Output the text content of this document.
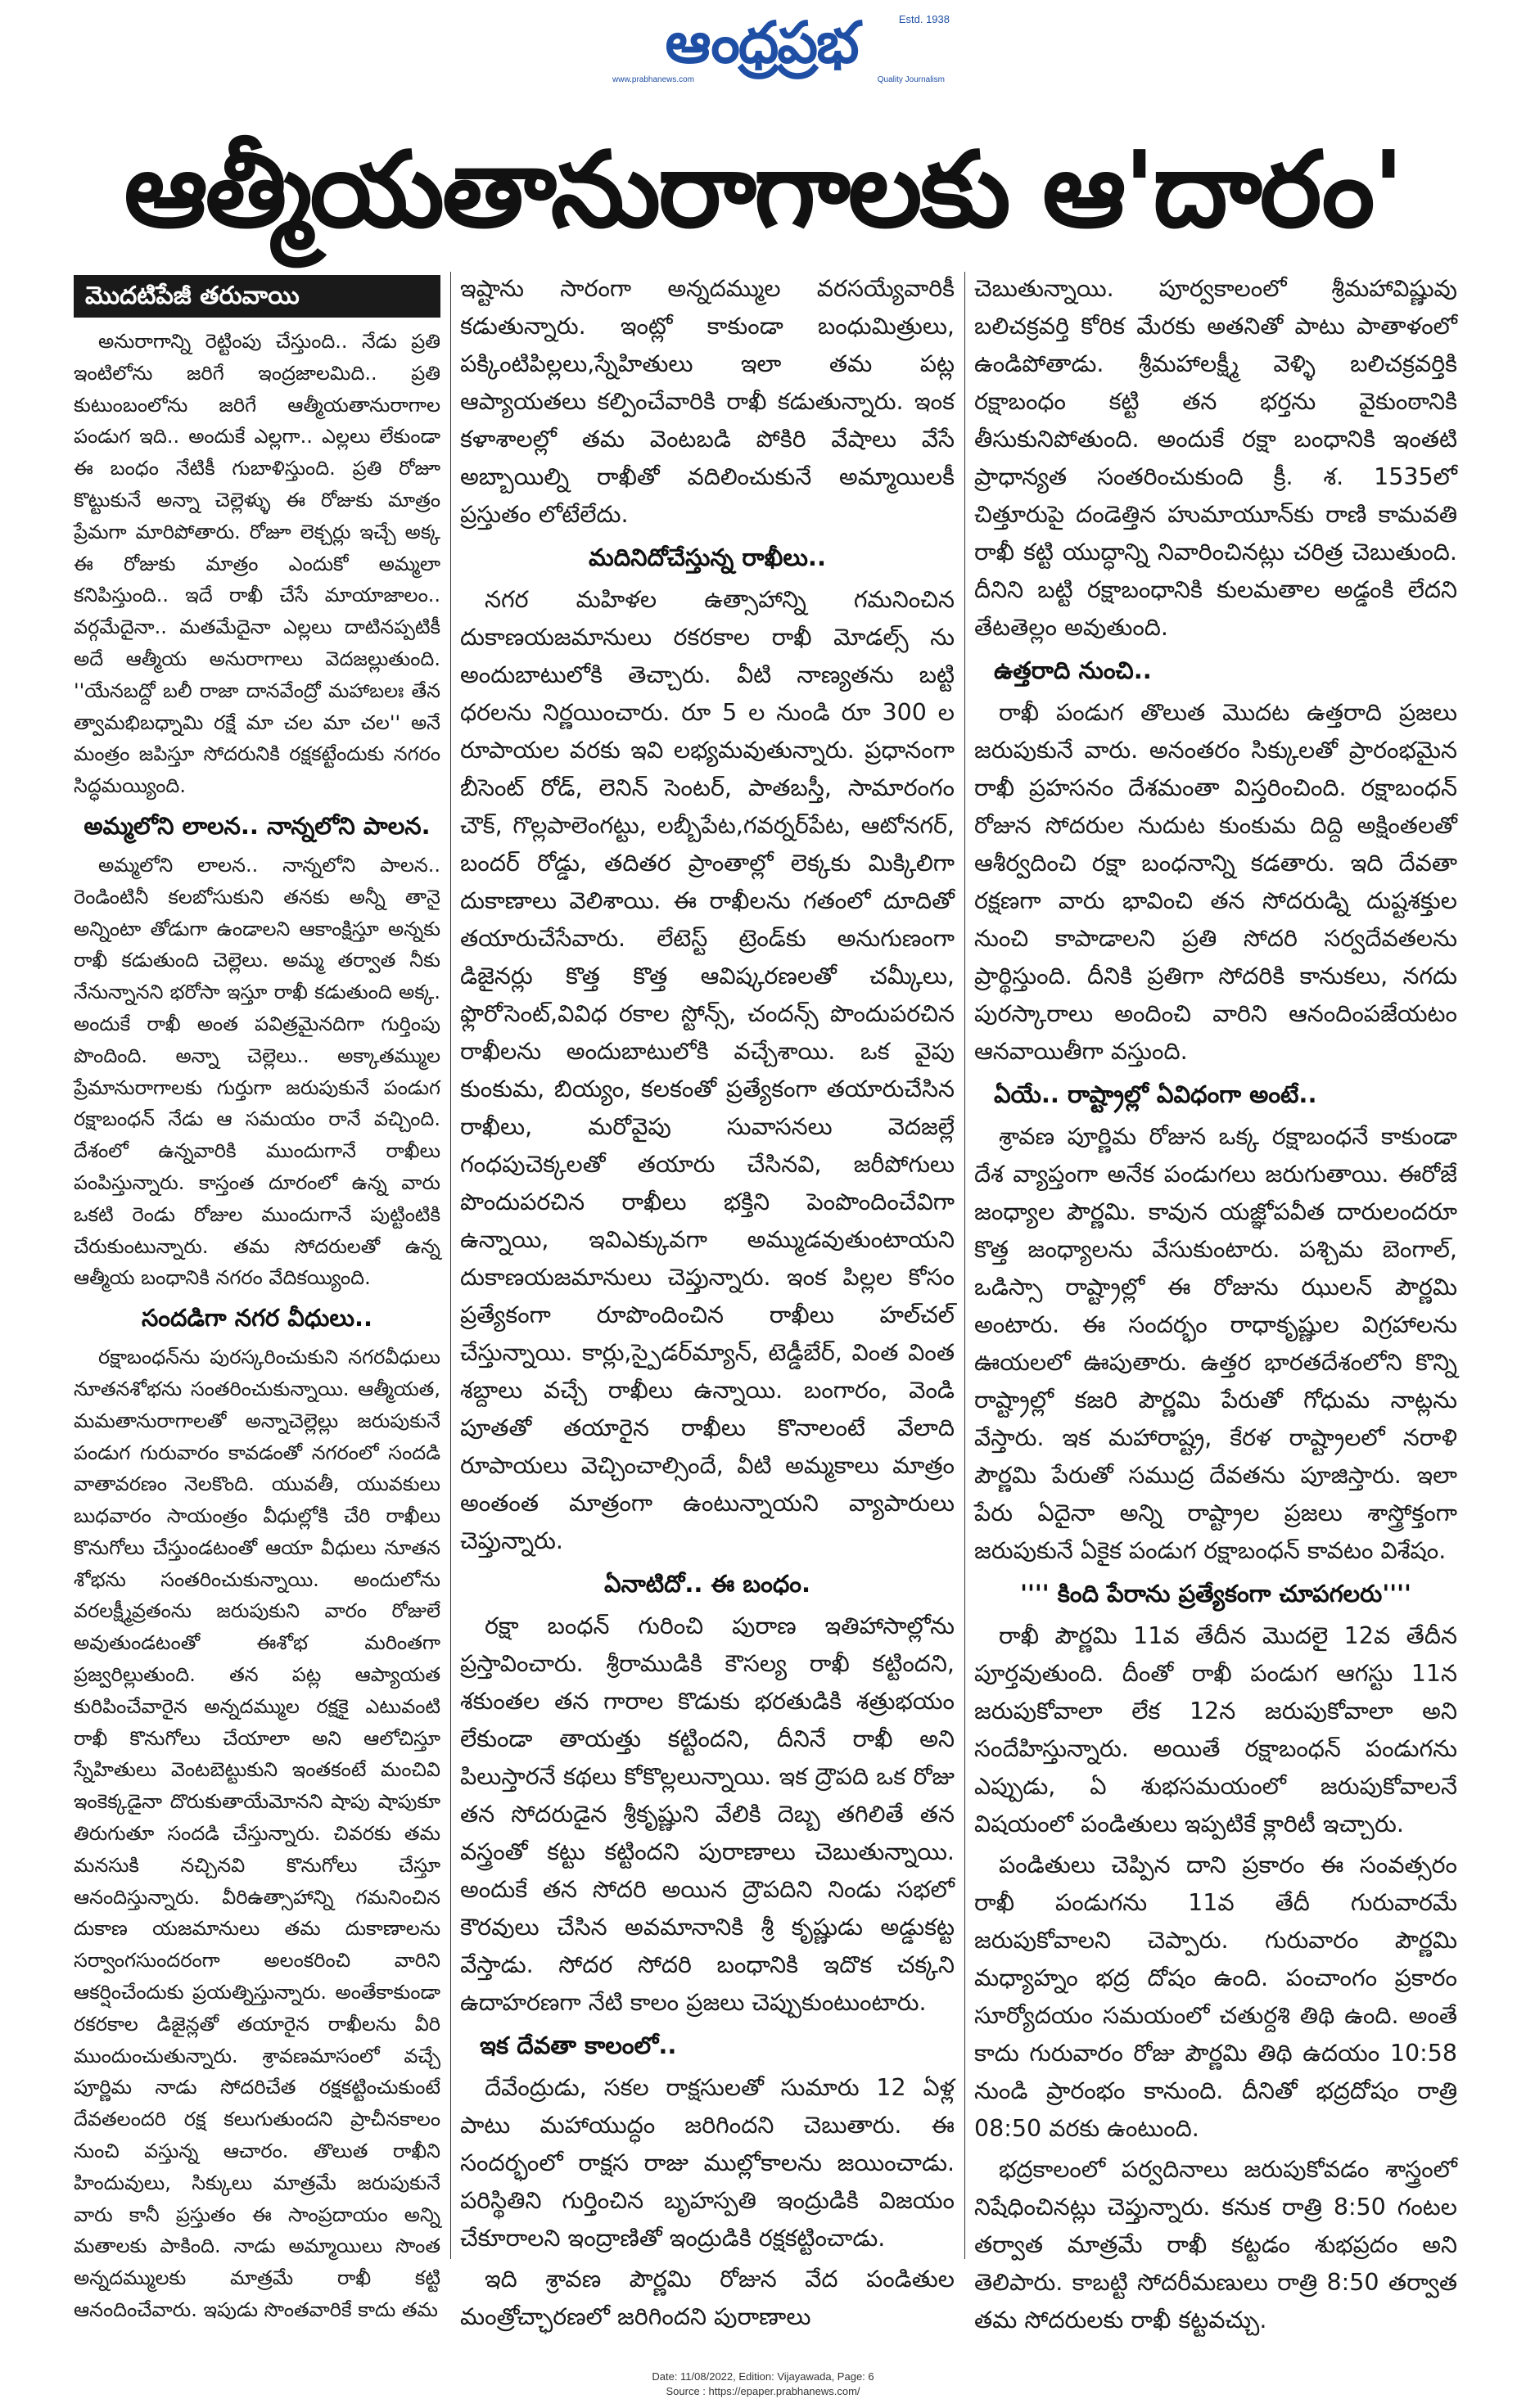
ఆంధ్రప్రభ	Estd. 1938
www.prabhanews.com	Quality Journalism
ఆత్మీయతానురాగాలకు ఆ'దారం'
మొదటిపేజీ తరువాయి

అనురాగాన్ని రెట్టింపు చేస్తుంది.. నేడు ప్రతి ఇంటిలోను జరిగే ఇంద్రజాలమిది.. ప్రతి కుటుంబంలోను జరిగే ఆత్మీయతానురాగాల పండుగ ఇది.. అందుకే ఎల్లగా.. ఎల్లలు లేకుండా ఈ బంధం నేటికీ గుబాళిస్తుంది. ప్రతి రోజూ కొట్టుకునే అన్నా చెల్లెళ్ళు ఈ రోజుకు మాత్రం ప్రేమగా మారిపోతారు. రోజూ లెక్చర్లు ఇచ్చే అక్క ఈ రోజుకు మాత్రం ఎందుకో అమ్మలా కనిపిస్తుంది.. ఇదే రాఖీ చేసే మాయాజాలం.. వర్గమేదైనా.. మతమేదైనా ఎల్లలు దాటినప్పటికీ అదే ఆత్మీయ అనురాగాలు వెదజల్లుతుంది. ''యేనబద్దో బలీ రాజా దానవేంద్రో మహాబలః తేన త్వామభిబధ్నామి రక్షే మా చల మా చల'' అనే మంత్రం జపిస్తూ సోదరునికి రక్షకట్టేందుకు నగరం సిద్ధమయ్యింది.

అమ్మలోని లాలన.. నాన్నలోని పాలన.

అమ్మలోని లాలన.. నాన్నలోని పాలన.. రెండింటినీ కలబోసుకుని తనకు అన్నీ తానై అన్నింటా తోడుగా ఉండాలని ఆకాంక్షిస్తూ అన్నకు రాఖీ కడుతుంది చెల్లెలు. అమ్మ తర్వాత నీకు నేనున్నానని భరోసా ఇస్తూ రాఖీ కడుతుంది అక్క. అందుకే రాఖీ అంత పవిత్రమైనదిగా గుర్తింపు పొందింది. అన్నా చెల్లెలు.. అక్కాతమ్ముల ప్రేమానురాగాలకు గుర్తుగా జరుపుకునే పండుగ రక్షాబంధన్ నేడు ఆ సమయం రానే వచ్చింది. దేశంలో ఉన్నవారికి ముందుగానే రాఖీలు పంపిస్తున్నారు. కాస్తంత దూరంలో ఉన్న వారు ఒకటి రెండు రోజుల ముందుగానే పుట్టింటికి చేరుకుంటున్నారు. తమ సోదరులతో ఉన్న ఆత్మీయ బంధానికి నగరం వేదికయ్యింది.

సందడిగా నగర వీధులు..

రక్షాబంధన్‌ను పురస్కరించుకుని నగరవీధులు నూతనశోభను సంతరించుకున్నాయి. ఆత్మీయత, మమతానురాగాలతో అన్నాచెల్లెల్లు జరుపుకునే పండుగ గురువారం కావడంతో నగరంలో సందడి వాతావరణం నెలకొంది. యువతీ, యువకులు బుధవారం సాయంత్రం వీధుల్లోకి చేరి రాఖీలు కొనుగోలు చేస్తుండటంతో ఆయా వీధులు నూతన శోభను సంతరించుకున్నాయి. అందులోను వరలక్ష్మీవ్రతంను జరుపుకుని వారం రోజులే అవుతుండటంతో ఈశోభ మరింతగా ప్రజ్వరిల్లుతుంది. తన పట్ల ఆప్యాయత కురిపించేవారైన అన్నదమ్ముల రక్షకై ఎటువంటి రాఖీ కొనుగోలు చేయాలా అని ఆలోచిస్తూ స్నేహితులు వెంటబెట్టుకుని ఇంతకంటే మంచివి ఇంకెక్కడైనా దొరుకుతాయేమోనని షాపు షాపుకూ తిరుగుతూ సందడి చేస్తున్నారు. చివరకు తమ మనసుకి నచ్చినవి కొనుగోలు చేస్తూ ఆనందిస్తున్నారు. వీరిఉత్సాహాన్ని గమనించిన దుకాణ యజమానులు తమ దుకాణాలను సర్వాంగసుందరంగా అలంకరించి వారిని ఆకర్షించేందుకు ప్రయత్నిస్తున్నారు. అంతేకాకుండా రకరకాల డిజైన్లతో తయారైన రాఖీలను వీరి ముందుంచుతున్నారు. శ్రావణమాసంలో వచ్చే పూర్ణిమ నాడు సోదరిచేత రక్షకట్టించుకుంటే దేవతలందరి రక్ష కలుగుతుందని ప్రాచీనకాలం నుంచి వస్తున్న ఆచారం. తొలుత రాఖీని హిందువులు, సిక్కులు మాత్రమే జరుపుకునే వారు కానీ ప్రస్తుతం ఈ సాంప్రదాయం అన్ని మతాలకు పాకింది. నాడు అమ్మాయిలు సొంత అన్నదమ్ములకు మాత్రమే రాఖీ కట్టి ఆనందించేవారు. ఇపుడు సొంతవారికే కాదు తమ

ఇష్టాను సారంగా అన్నదమ్ముల వరసయ్యేవారికీ కడుతున్నారు. ఇంట్లో కాకుండా బంధుమిత్రులు, పక్కింటిపిల్లలు,స్నేహితులు ఇలా తమ పట్ల ఆప్యాయతలు కల్పించేవారికి రాఖీ కడుతున్నారు. ఇంక కళాశాలల్లో తమ వెంటబడి పోకిరి వేషాలు వేసే అబ్బాయిల్ని రాఖీతో వదిలించుకునే అమ్మాయిలకీ ప్రస్తుతం లోటేలేదు.

మదినిదోచేస్తున్న రాఖీలు..

నగర మహిళల ఉత్సాహాన్ని గమనించిన దుకాణయజమానులు రకరకాల రాఖీ మోడల్స్ ను అందుబాటులోకి తెచ్చారు. వీటి నాణ్యతను బట్టి ధరలను నిర్ణయించారు. రూ 5 ల నుండి రూ 300 ల రూపాయల వరకు ఇవి లభ్యమవుతున్నారు. ప్రధానంగా బీసెంట్ రోడ్, లెనిన్ సెంటర్, పాతబస్తీ, సామారంగం చౌక్, గొల్లపాలెంగట్టు, లబ్బీపేట,గవర్నర్‌పేట, ఆటోనగర్, బందర్ రోడ్డు, తదితర ప్రాంతాల్లో లెక్కకు మిక్కిలిగా దుకాణాలు వెలిశాయి. ఈ రాఖీలను గతంలో దూదితో తయారుచేసేవారు. లేటెస్ట్ ట్రెండ్‌కు అనుగుణంగా డిజైనర్లు కొత్త కొత్త ఆవిష్కరణలతో చమ్కీలు, ఫ్లొరోసెంట్,వివిధ రకాల స్టోన్స్, చందన్స్ పొందుపరచిన రాఖీలను అందుబాటులోకి వచ్చేశాయి. ఒక వైపు కుంకుమ, బియ్యం, కలకంతో ప్రత్యేకంగా తయారుచేసిన రాఖీలు, మరోవైపు సువాసనలు వెదజల్లే గంధపుచెక్కలతో తయారు చేసినవి, జరీపోగులు పొందుపరచిన రాఖీలు భక్తిని పెంపొందించేవిగా ఉన్నాయి, ఇవిఎక్కువగా అమ్ముడవుతుంటాయని దుకాణయజమానులు చెప్తున్నారు. ఇంక పిల్లల కోసం ప్రత్యేకంగా రూపొందించిన రాఖీలు హల్‌చల్ చేస్తున్నాయి. కార్లు,స్పైడర్‌మ్యాన్, టెడ్డీబేర్, వింత వింత శబ్దాలు వచ్చే రాఖీలు ఉన్నాయి. బంగారం, వెండి పూతతో తయారైన రాఖీలు కొనాలంటే వేలాది రూపాయలు వెచ్చించాల్సిందే, వీటి అమ్మకాలు మాత్రం అంతంత మాత్రంగా ఉంటున్నాయని వ్యాపారులు చెప్తున్నారు.

ఏనాటిదో.. ఈ బంధం.

రక్షా బంధన్ గురించి పురాణ ఇతిహాసాల్లోను ప్రస్తావించారు. శ్రీరాముడికి కౌసల్య రాఖీ కట్టిందని, శకుంతల తన గారాల కొడుకు భరతుడికి శత్రుభయం లేకుండా తాయత్తు కట్టిందని, దీనినే రాఖీ అని పిలుస్తారనే కథలు కోకొల్లలున్నాయి. ఇక ద్రౌపది ఒక రోజు తన సోదరుడైన శ్రీకృష్ణుని వేలికి దెబ్బ తగిలితే తన వస్త్రంతో కట్టు కట్టిందని పురాణాలు చెబుతున్నాయి. అందుకే తన సోదరి అయిన ద్రౌపదిని నిండు సభలో కౌరవులు చేసిన అవమానానికి శ్రీ కృష్ణుడు అడ్డుకట్ట వేస్తాడు. సోదర సోదరి బంధానికి ఇదొక చక్కని ఉదాహరణగా నేటి కాలం ప్రజలు చెప్పుకుంటుంటారు.

ఇక దేవతా కాలంలో..

దేవేంద్రుడు, సకల రాక్షసులతో సుమారు 12 ఏళ్ల పాటు మహాయుద్ధం జరిగిందని చెబుతారు. ఈ సందర్భంలో రాక్షస రాజు ముల్లోకాలను జయించాడు. పరిస్థితిని గుర్తించిన బృహస్పతి ఇంద్రుడికి విజయం చేకూరాలని ఇంద్రాణితో ఇంద్రుడికి రక్షకట్టించాడు.

ఇది శ్రావణ పౌర్ణమి రోజున వేద పండితుల మంత్రోచ్ఛారణలో జరిగిందని పురాణాలు

చెబుతున్నాయి. పూర్వకాలంలో శ్రీమహావిష్ణువు బలిచక్రవర్తి కోరిక మేరకు అతనితో పాటు పాతాళంలో ఉండిపోతాడు. శ్రీమహాలక్ష్మీ వెళ్ళి బలిచక్రవర్తికి రక్షాబంధం కట్టి తన భర్తను వైకుంఠానికి తీసుకునిపోతుంది. అందుకే రక్షా బంధానికి ఇంతటి ప్రాధాన్యత సంతరించుకుంది క్రీ. శ. 1535లో చిత్తూరుపై దండెత్తిన హుమాయూన్‌కు రాణి కామవతి రాఖీ కట్టి యుద్ధాన్ని నివారించినట్లు చరిత్ర చెబుతుంది. దీనిని బట్టి రక్షాబంధానికి కులమతాల అడ్డంకి లేదని తేటతెల్లం అవుతుంది.

ఉత్తరాది నుంచి..

రాఖీ పండుగ తొలుత మొదట ఉత్తరాది ప్రజలు జరుపుకునే వారు. అనంతరం సిక్కులతో ప్రారంభమైన రాఖీ ప్రహసనం దేశమంతా విస్తరించింది. రక్షాబంధన్ రోజున సోదరుల నుదుట కుంకుమ దిద్ది అక్షింతలతో ఆశీర్వదించి రక్షా బంధనాన్ని కడతారు. ఇది దేవతా రక్షణగా వారు భావించి తన సోదరుడ్ని దుష్టశక్తుల నుంచి కాపాడాలని ప్రతి సోదరి సర్వదేవతలను ప్రార్థిస్తుంది. దీనికి ప్రతిగా సోదరికి కానుకలు, నగదు పురస్కారాలు అందించి వారిని ఆనందింపజేయటం ఆనవాయితీగా వస్తుంది.

ఏయే.. రాష్ట్రాల్లో ఏవిధంగా అంటే..

శ్రావణ పూర్ణిమ రోజున ఒక్క రక్షాబంధనే కాకుండా దేశ వ్యాప్తంగా అనేక పండుగలు జరుగుతాయి. ఈరోజే జంధ్యాల పౌర్ణమి. కావున యజ్ఞోపవీత దారులందరూ కొత్త జంధ్యాలను వేసుకుంటారు. పశ్చిమ బెంగాల్, ఒడిస్సా రాష్ట్రాల్లో ఈ రోజును ఝులన్ పౌర్ణమి అంటారు. ఈ సందర్భం రాధాకృష్ణుల విగ్రహాలను ఊయలలో ఊపుతారు. ఉత్తర భారతదేశంలోని కొన్ని రాష్ట్రాల్లో కజరి పౌర్ణమి పేరుతో గోధుమ నాట్లను వేస్తారు. ఇక మహారాష్ట్ర, కేరళ రాష్ట్రాలలో నరాళి పౌర్ణమి పేరుతో సముద్ర దేవతను పూజిస్తారు. ఇలా పేరు ఏదైనా అన్ని రాష్ట్రాల ప్రజలు శాస్త్రోక్తంగా జరుపుకునే ఏకైక పండుగ రక్షాబంధన్ కావటం విశేషం.

'''' కింది పేరాను ప్రత్యేకంగా చూపగలరు''''

రాఖీ పౌర్ణమి 11వ తేదీన మొదలై 12వ తేదీన పూర్తవుతుంది. దీంతో రాఖీ పండుగ ఆగస్టు 11న జరుపుకోవాలా లేక 12న జరుపుకోవాలా అని సందేహిస్తున్నారు. అయితే రక్షాబంధన్ పండుగను ఎప్పుడు, ఏ శుభసమయంలో జరుపుకోవాలనే విషయంలో పండితులు ఇప్పటికే క్లారిటీ ఇచ్చారు.

పండితులు చెప్పిన దాని ప్రకారం ఈ సంవత్సరం రాఖీ పండుగను 11వ తేదీ గురువారమే జరుపుకోవాలని చెప్పారు. గురువారం పౌర్ణమి మధ్యాహ్నం భద్ర దోషం ఉంది. పంచాంగం ప్రకారం సూర్యోదయం సమయంలో చతుర్దశి తిథి ఉంది. అంతే కాదు గురువారం రోజు పౌర్ణమి తిథి ఉదయం 10:58 నుండి ప్రారంభం కానుంది. దీనితో భద్రదోషం రాత్రి 08:50 వరకు ఉంటుంది.

భద్రకాలంలో పర్వదినాలు జరుపుకోవడం శాస్త్రంలో నిషేధించినట్లు చెప్తున్నారు. కనుక రాత్రి 8:50 గంటల తర్వాత మాత్రమే రాఖీ కట్టడం శుభప్రదం అని తెలిపారు. కాబట్టి సోదరీమణులు రాత్రి 8:50 తర్వాత తమ సోదరులకు రాఖీ కట్టవచ్చు.

Date: 11/08/2022, Edition: Vijayawada, Page: 6
Source : https://epaper.prabhanews.com/
